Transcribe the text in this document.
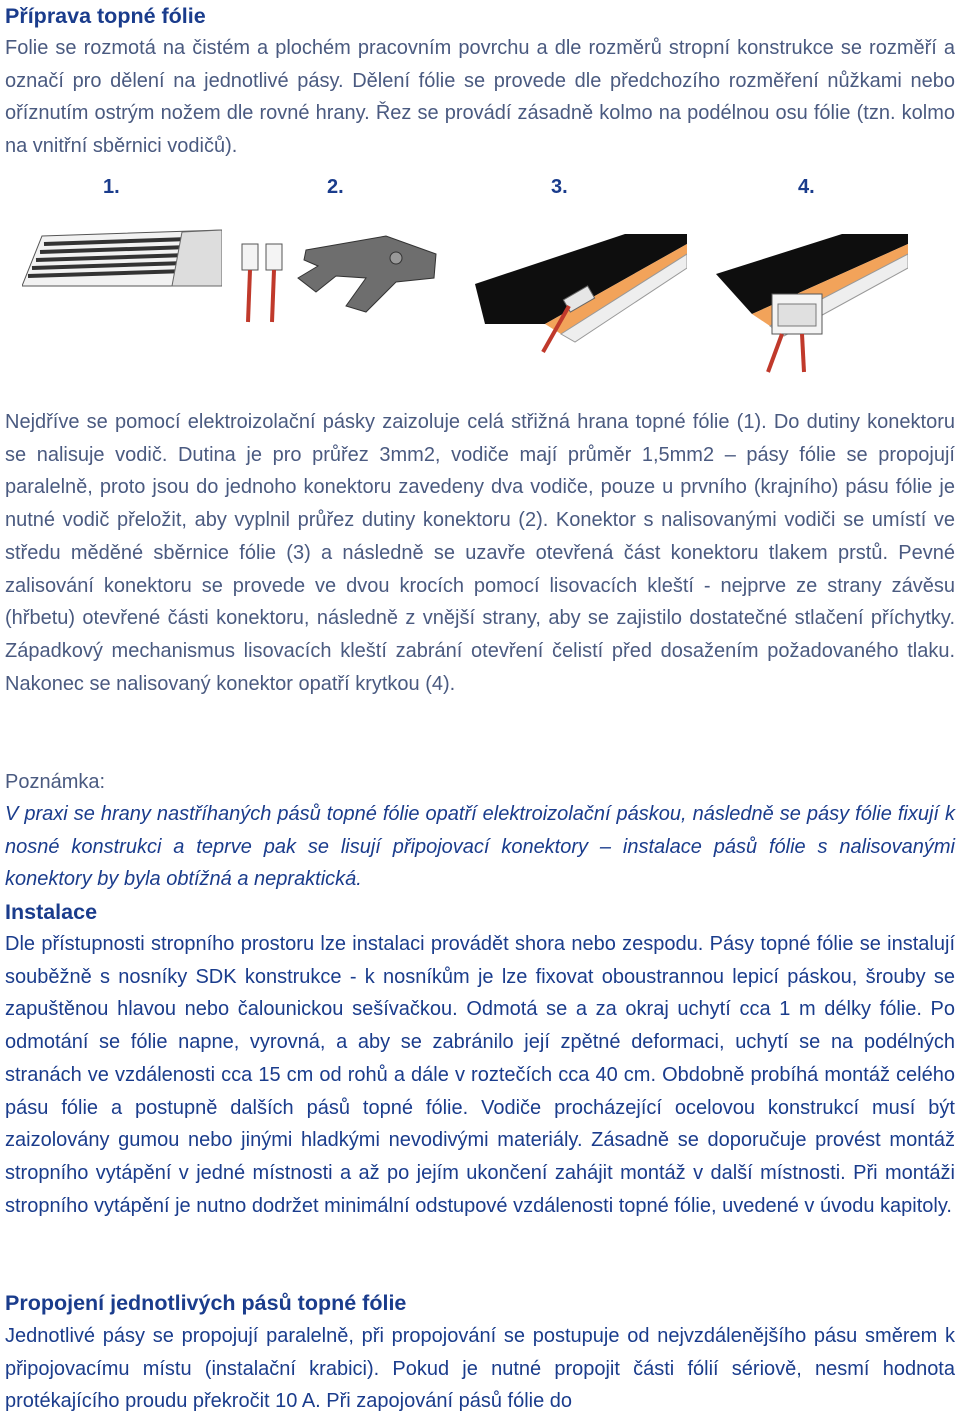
Příprava topné fólie

Folie se rozmotá na čistém a plochém pracovním povrchu a dle rozměrů stropní konstrukce se rozměří a označí pro dělení na jednotlivé pásy. Dělení fólie se provede dle předchozího rozměření nůžkami nebo oříznutím ostrým nožem dle rovné hrany. Řez se provádí zásadně kolmo na podélnou osu fólie (tzn. kolmo na vnitřní sběrnici vodičů).

1.	2.	3.	4.

Nejdříve se pomocí elektroizolační pásky zaizoluje celá střižná hrana topné fólie (1). Do dutiny konektoru se nalisuje vodič. Dutina je pro průřez 3mm2, vodiče mají průměr 1,5mm2 – pásy fólie se propojují paralelně, proto jsou do jednoho konektoru zavedeny dva vodiče, pouze u prvního (krajního) pásu fólie je nutné vodič přeložit, aby vyplnil průřez dutiny konektoru (2). Konektor s nalisovanými vodiči se umístí ve středu měděné sběrnice fólie (3) a následně se uzavře otevřená část konektoru tlakem prstů. Pevné zalisování konektoru se provede ve dvou krocích pomocí lisovacích kleští - nejprve ze strany závěsu (hřbetu) otevřené části konektoru, následně z vnější strany, aby se zajistilo dostatečné stlačení příchytky. Západkový mechanismus lisovacích kleští zabrání otevření čelistí před dosažením požadovaného tlaku. Nakonec se nalisovaný konektor opatří krytkou (4).

Poznámka:

V praxi se hrany nastříhaných pásů topné fólie opatří elektroizolační páskou, následně se pásy fólie fixují k nosné konstrukci a teprve pak se lisují připojovací konektory – instalace pásů fólie s nalisovanými konektory by byla obtížná a nepraktická.

Instalace

Dle přístupnosti stropního prostoru lze instalaci provádět shora nebo zespodu. Pásy topné fólie se instalují souběžně s nosníky SDK konstrukce - k nosníkům je lze fixovat oboustrannou lepicí páskou, šrouby se zapuštěnou hlavou nebo čalounickou sešívačkou. Odmotá se a za okraj uchytí cca 1 m délky fólie. Po odmotání se fólie napne, vyrovná, a aby se zabránilo její zpětné deformaci, uchytí se na podélných stranách ve vzdálenosti cca 15 cm od rohů a dále v roztečích cca 40 cm. Obdobně probíhá montáž celého pásu fólie a postupně dalších pásů topné fólie. Vodiče procházející ocelovou konstrukcí musí být zaizolovány gumou nebo jinými hladkými nevodivými materiály. Zásadně se doporučuje provést montáž stropního vytápění v jedné místnosti a až po jejím ukončení zahájit montáž v další místnosti. Při montáži stropního vytápění je nutno dodržet minimální odstupové vzdálenosti topné fólie, uvedené v úvodu kapitoly.

Propojení jednotlivých pásů topné fólie

Jednotlivé pásy se propojují paralelně, při propojování se postupuje od nejvzdálenějšího pásu směrem k připojovacímu místu (instalační krabici). Pokud je nutné propojit části fólií sériově, nesmí hodnota protékajícího proudu překročit 10 A. Při zapojování pásů fólie do
